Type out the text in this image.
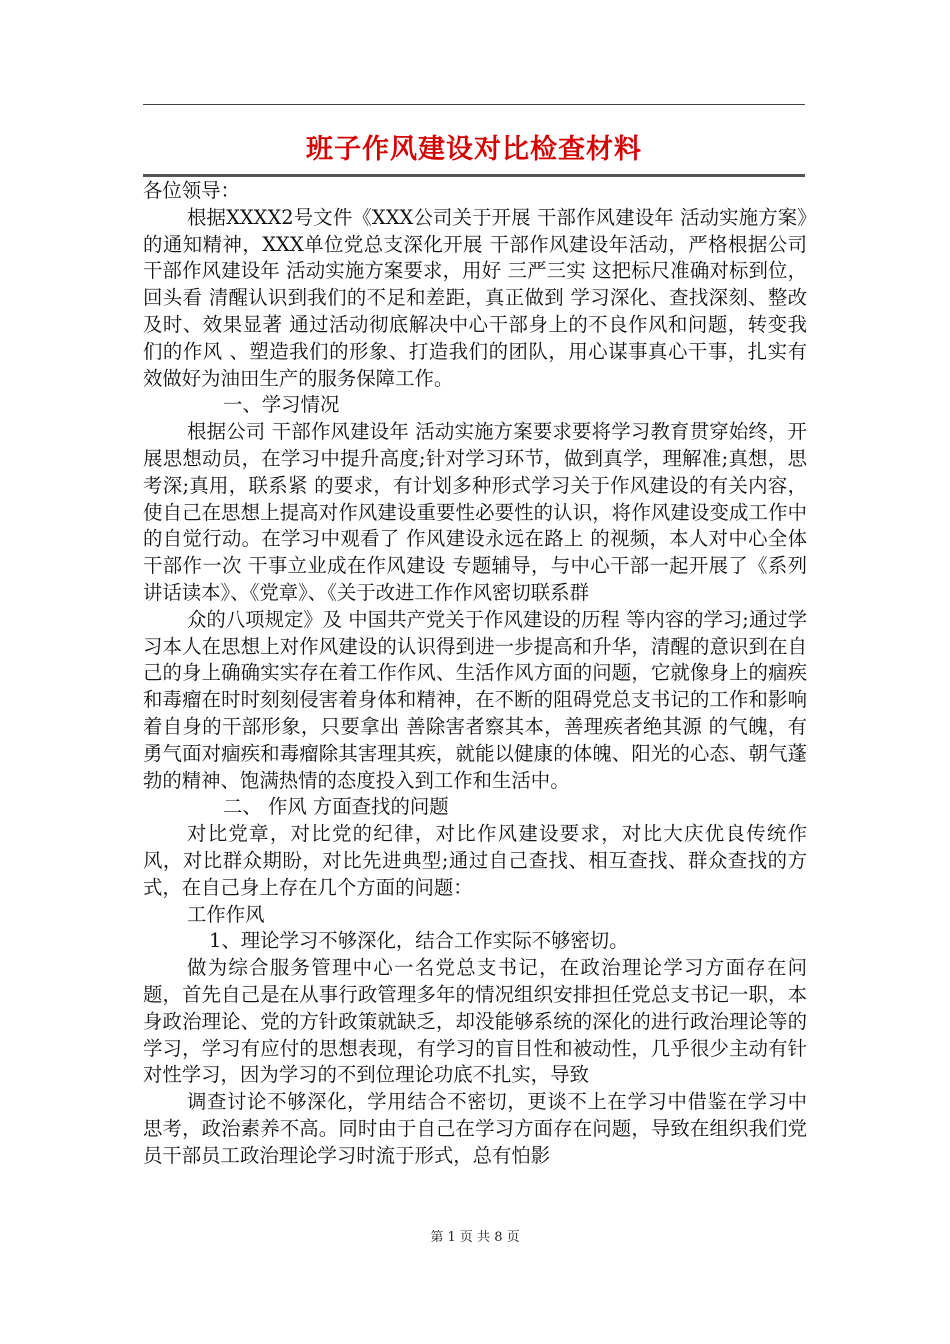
班子作风建设对比检查材料

各位领导：

根据XXXX2号文件《XXX公司关于开展 干部作风建设年 活动实施方案》的通知精神，XXX单位党总支深化开展 干部作风建设年活动，严格根据公司 干部作风建设年 活动实施方案要求，用好 三严三实 这把标尺准确对标到位， 回头看 清醒认识到我们的不足和差距，真正做到 学习深化、查找深刻、整改及时、效果显著 通过活动彻底解决中心干部身上的不良作风和问题，转变我们的作风 、塑造我们的形象、打造我们的团队，用心谋事真心干事，扎实有效做好为油田生产的服务保障工作。

一、学习情况

根据公司 干部作风建设年 活动实施方案要求要将学习教育贯穿始终，开展思想动员，在学习中提升高度;针对学习环节，做到真学，理解准;真想，思考深;真用，联系紧 的要求，有计划多种形式学习关于作风建设的有关内容，使自己在思想上提高对作风建设重要性必要性的认识，将作风建设变成工作中的自觉行动。在学习中观看了 作风建设永远在路上 的视频，本人对中心全体干部作一次 干事立业成在作风建设 专题辅导，与中心干部一起开展了《系列讲话读本》、《党章》、《关于改进工作作风密切联系群

众的八项规定》及 中国共产党关于作风建设的历程 等内容的学习;通过学习本人在思想上对作风建设的认识得到进一步提高和升华，清醒的意识到在自己的身上确确实实存在着工作作风、生活作风方面的问题，它就像身上的痼疾和毒瘤在时时刻刻侵害着身体和精神，在不断的阻碍党总支书记的工作和影响着自身的干部形象，只要拿出 善除害者察其本，善理疾者绝其源 的气魄，有勇气面对痼疾和毒瘤除其害理其疾，就能以健康的体魄、阳光的心态、朝气蓬勃的精神、饱满热情的态度投入到工作和生活中。

二、 作风 方面查找的问题

对比党章，对比党的纪律，对比作风建设要求，对比大庆优良传统作风，对比群众期盼，对比先进典型;通过自己查找、相互查找、群众查找的方式，在自己身上存在几个方面的问题：

工作作风

1、理论学习不够深化，结合工作实际不够密切。

做为综合服务管理中心一名党总支书记，在政治理论学习方面存在问题，首先自己是在从事行政管理多年的情况组织安排担任党总支书记一职，本身政治理论、党的方针政策就缺乏，却没能够系统的深化的进行政治理论等的学习，学习有应付的思想表现，有学习的盲目性和被动性，几乎很少主动有针对性学习，因为学习的不到位理论功底不扎实，导致

调查讨论不够深化，学用结合不密切，更谈不上在学习中借鉴在学习中思考，政治素养不高。同时由于自己在学习方面存在问题，导致在组织我们党员干部员工政治理论学习时流于形式，总有怕影

第 1 页 共 8 页
